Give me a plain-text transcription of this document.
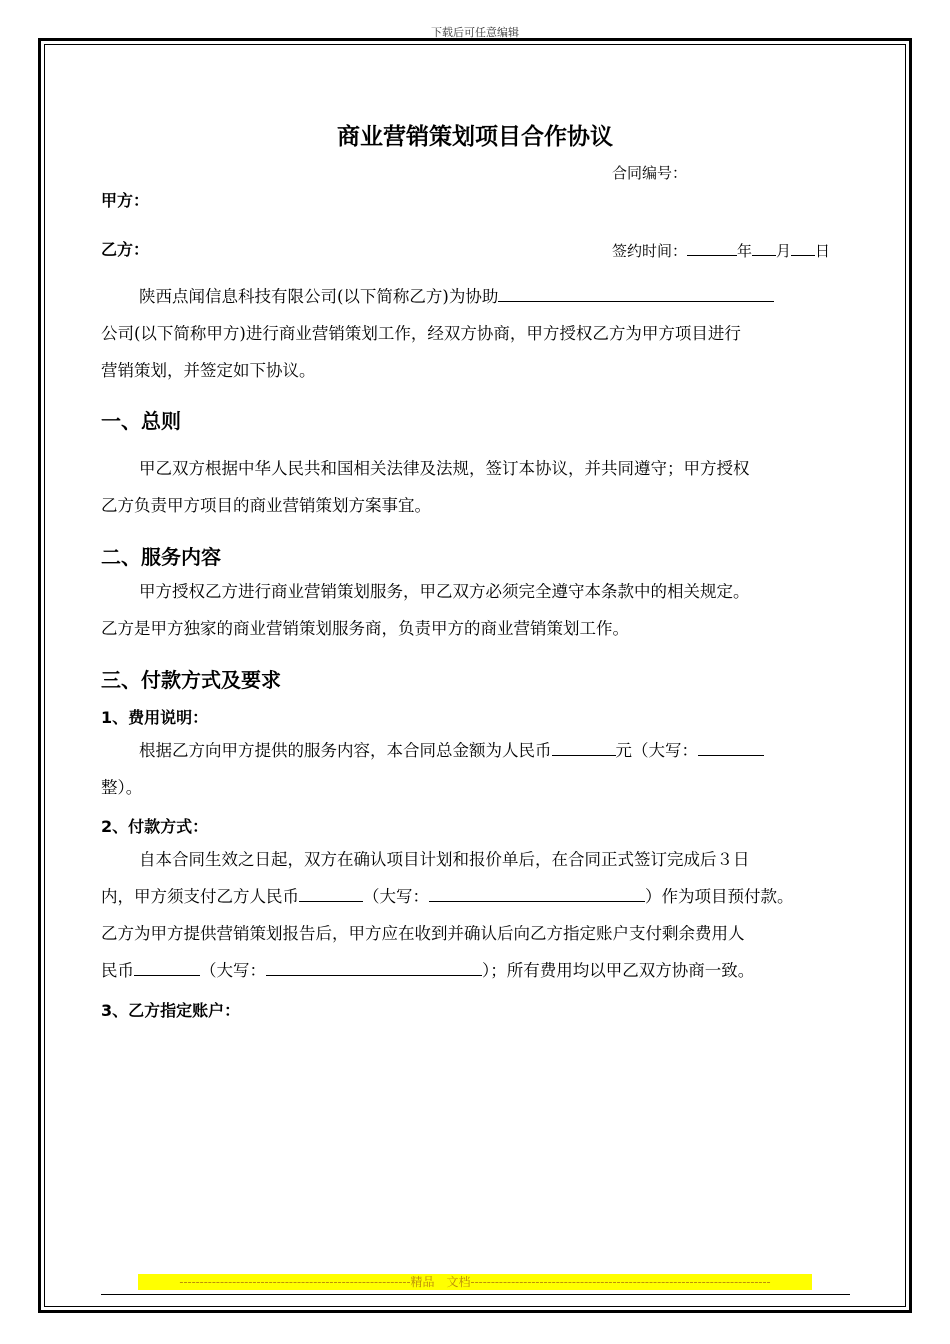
下载后可任意编辑
商业营销策划项目合作协议
合同编号：
甲方：
乙方：	签约时间：	年 月 日

陕西点闻信息科技有限公司(以下简称乙方)为协助

公司(以下简称甲方)进行商业营销策划工作，经双方协商，甲方授权乙方为甲方项目进行

营销策划，并签定如下协议。

一、总则

甲乙双方根据中华人民共和国相关法律及法规，签订本协议，并共同遵守；甲方授权

乙方负责甲方项目的商业营销策划方案事宜。

二、服务内容

甲方授权乙方进行商业营销策划服务，甲乙双方必须完全遵守本条款中的相关规定。

乙方是甲方独家的商业营销策划服务商，负责甲方的商业营销策划工作。

三、付款方式及要求
1、费用说明：

根据乙方向甲方提供的服务内容，本合同总金额为人民币	元（大写：

整）。

2、付款方式：

自本合同生效之日起，双方在确认项目计划和报价单后，在合同正式签订完成后３日

内，甲方须支付乙方人民币	（大写：	）作为项目预付款。

乙方为甲方提供营销策划报告后，甲方应在收到并确认后向乙方指定账户支付剩余费用人

民币	（大写：	）；所有费用均以甲乙双方协商一致。

3、乙方指定账户：
---------------------------------------------------------精品　文档--------------------------------------------------------------------------
